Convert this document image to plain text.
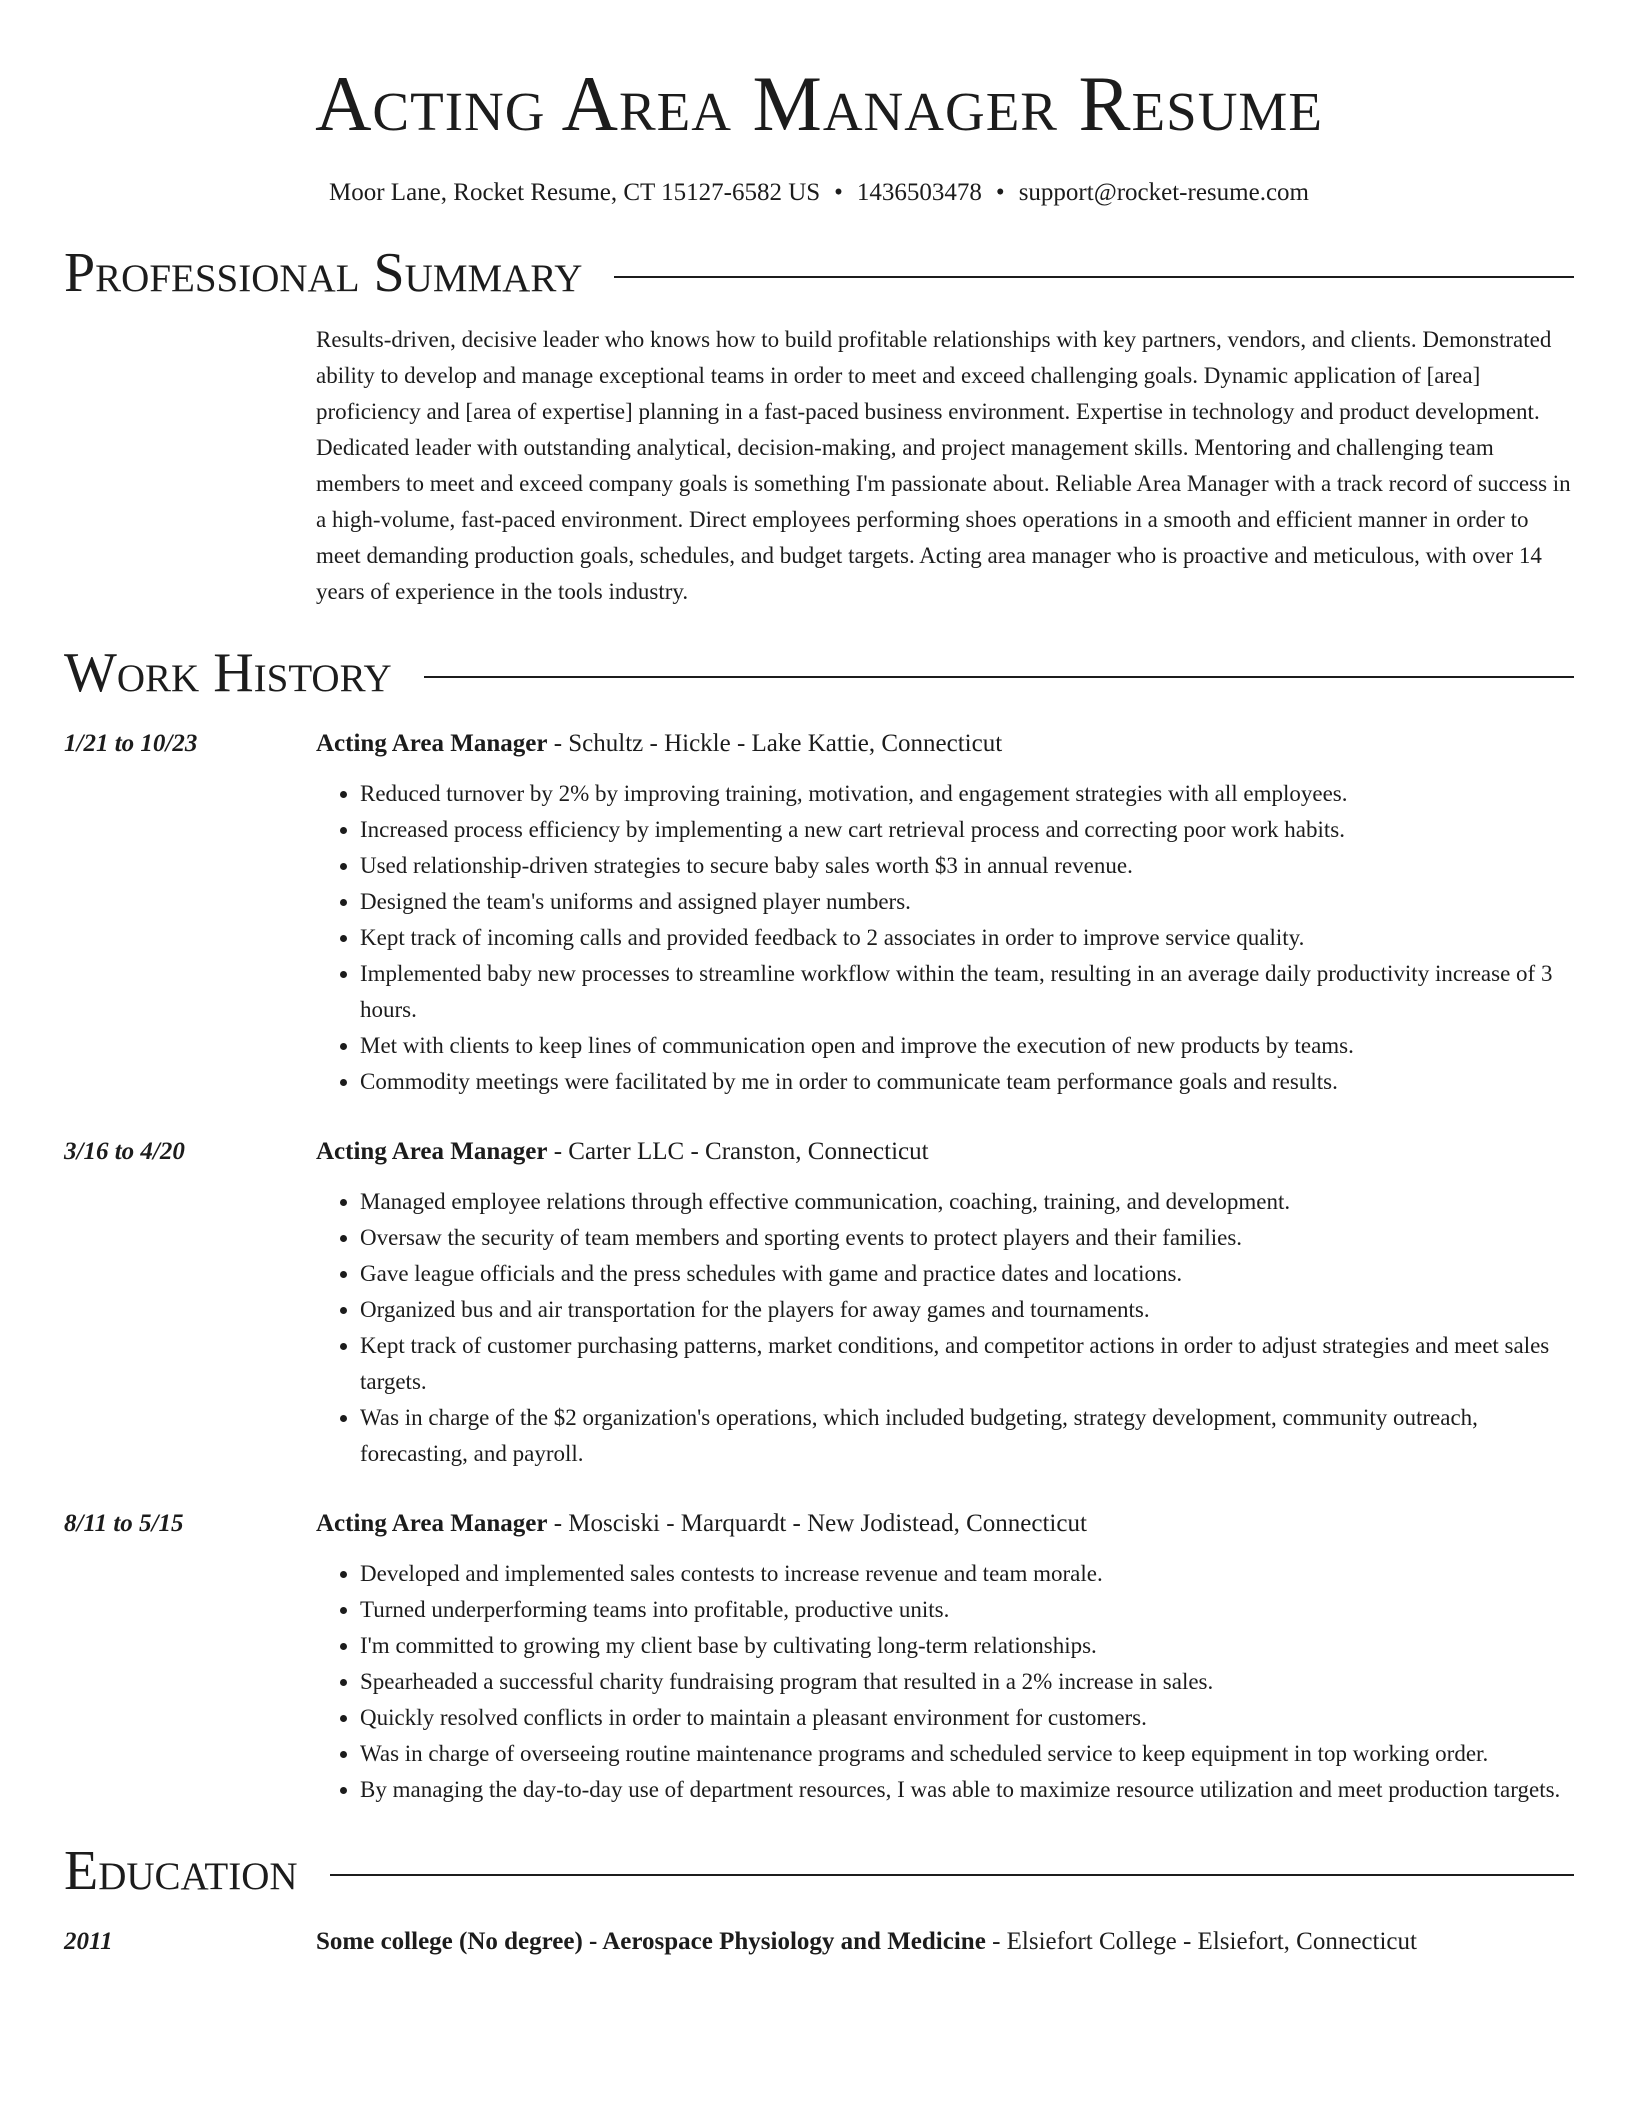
Acting Area Manager Resume
Moor Lane, Rocket Resume, CT 15127-6582 US • 1436503478 • support@rocket-resume.com
Professional Summary
Results-driven, decisive leader who knows how to build profitable relationships with key partners, vendors, and clients. Demonstrated ability to develop and manage exceptional teams in order to meet and exceed challenging goals. Dynamic application of [area] proficiency and [area of expertise] planning in a fast-paced business environment. Expertise in technology and product development. Dedicated leader with outstanding analytical, decision-making, and project management skills. Mentoring and challenging team members to meet and exceed company goals is something I'm passionate about. Reliable Area Manager with a track record of success in a high-volume, fast-paced environment. Direct employees performing shoes operations in a smooth and efficient manner in order to meet demanding production goals, schedules, and budget targets. Acting area manager who is proactive and meticulous, with over 14 years of experience in the tools industry.
Work History
1/21 to 10/23	Acting Area Manager - Schultz - Hickle - Lake Kattie, Connecticut
• Reduced turnover by 2% by improving training, motivation, and engagement strategies with all employees.
• Increased process efficiency by implementing a new cart retrieval process and correcting poor work habits.
• Used relationship-driven strategies to secure baby sales worth $3 in annual revenue.
• Designed the team's uniforms and assigned player numbers.
• Kept track of incoming calls and provided feedback to 2 associates in order to improve service quality.
• Implemented baby new processes to streamline workflow within the team, resulting in an average daily productivity increase of 3 hours.
• Met with clients to keep lines of communication open and improve the execution of new products by teams.
• Commodity meetings were facilitated by me in order to communicate team performance goals and results.
3/16 to 4/20	Acting Area Manager - Carter LLC - Cranston, Connecticut
• Managed employee relations through effective communication, coaching, training, and development.
• Oversaw the security of team members and sporting events to protect players and their families.
• Gave league officials and the press schedules with game and practice dates and locations.
• Organized bus and air transportation for the players for away games and tournaments.
• Kept track of customer purchasing patterns, market conditions, and competitor actions in order to adjust strategies and meet sales targets.
• Was in charge of the $2 organization's operations, which included budgeting, strategy development, community outreach, forecasting, and payroll.
8/11 to 5/15	Acting Area Manager - Mosciski - Marquardt - New Jodistead, Connecticut
• Developed and implemented sales contests to increase revenue and team morale.
• Turned underperforming teams into profitable, productive units.
• I'm committed to growing my client base by cultivating long-term relationships.
• Spearheaded a successful charity fundraising program that resulted in a 2% increase in sales.
• Quickly resolved conflicts in order to maintain a pleasant environment for customers.
• Was in charge of overseeing routine maintenance programs and scheduled service to keep equipment in top working order.
• By managing the day-to-day use of department resources, I was able to maximize resource utilization and meet production targets.
Education
2011	Some college (No degree) - Aerospace Physiology and Medicine - Elsiefort College - Elsiefort, Connecticut
